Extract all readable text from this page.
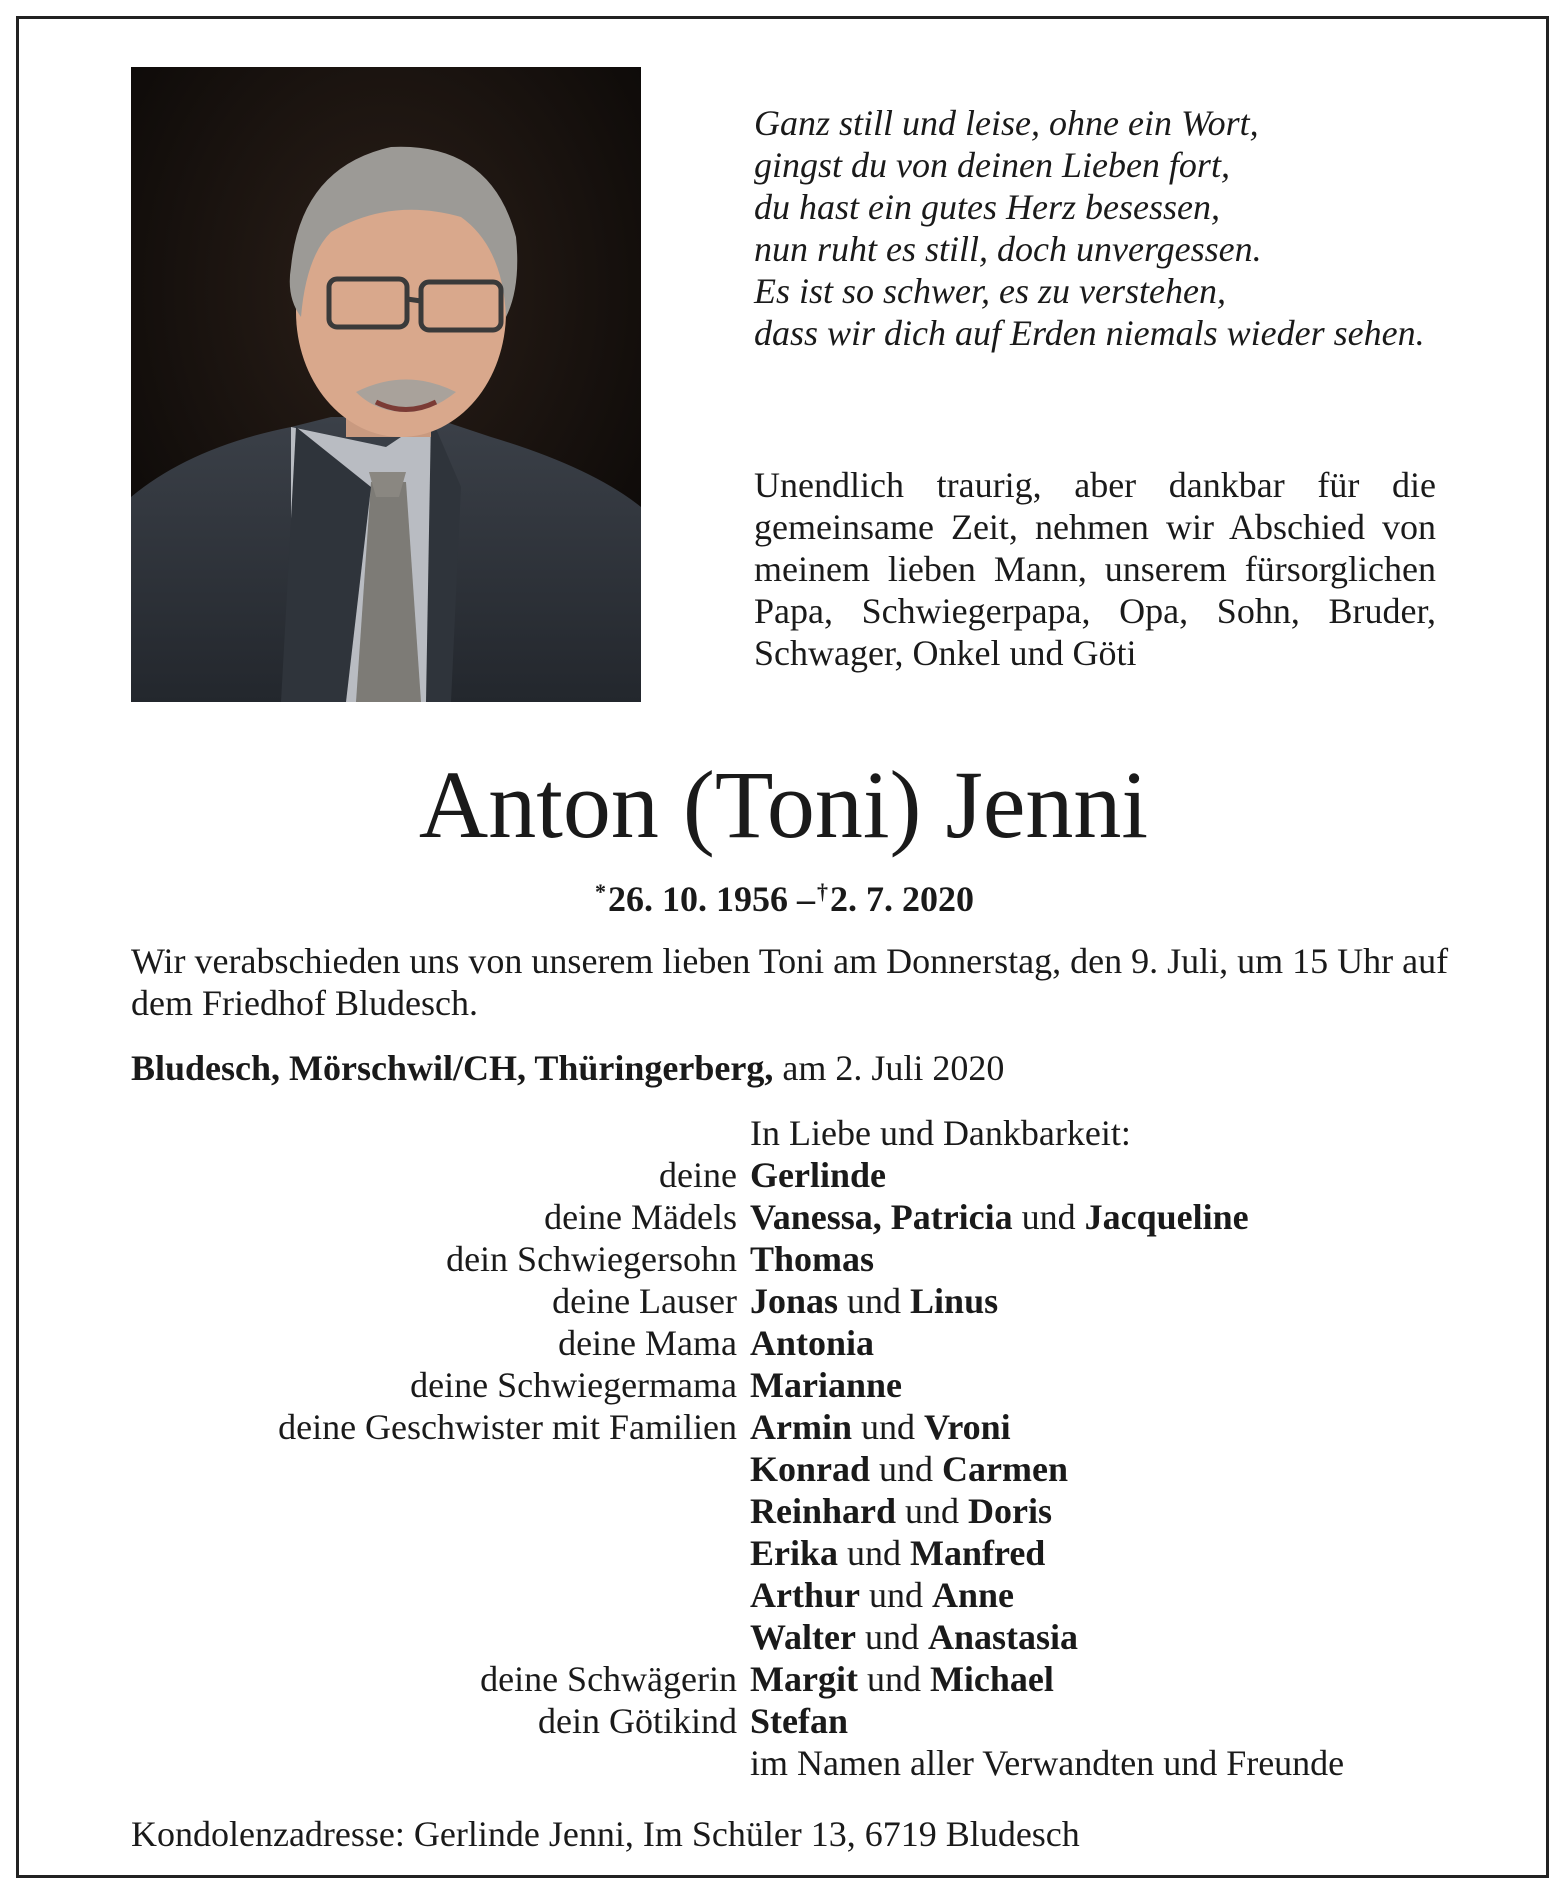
Ganz still und leise, ohne ein Wort,
gingst du von deinen Lieben fort,
du hast ein gutes Herz besessen,
nun ruht es still, doch unvergessen.
Es ist so schwer, es zu verstehen,
dass wir dich auf Erden niemals wieder sehen.
Unendlich traurig, aber dankbar für die gemeinsame Zeit, nehmen wir Abschied von meinem lieben Mann, unserem fürsorglichen Papa, Schwiegerpapa, Opa, Sohn, Bruder, Schwager, Onkel und Göti
Anton (Toni) Jenni
*26. 10. 1956 –†2. 7. 2020
Wir verabschieden uns von unserem lieben Toni am Donnerstag, den 9. Juli, um 15 Uhr auf dem Friedhof Bludesch.
Bludesch, Mörschwil/CH, Thüringerberg, am 2. Juli 2020
In Liebe und Dankbarkeit:
deine Gerlinde
deine Mädels Vanessa, Patricia und Jacqueline
dein Schwiegersohn Thomas
deine Lauser Jonas und Linus
deine Mama Antonia
deine Schwiegermama Marianne
deine Geschwister mit Familien Armin und Vroni
Konrad und Carmen
Reinhard und Doris
Erika und Manfred
Arthur und Anne
Walter und Anastasia
deine Schwägerin Margit und Michael
dein Götikind Stefan
im Namen aller Verwandten und Freunde
Kondolenzadresse: Gerlinde Jenni, Im Schüler 13, 6719 Bludesch
